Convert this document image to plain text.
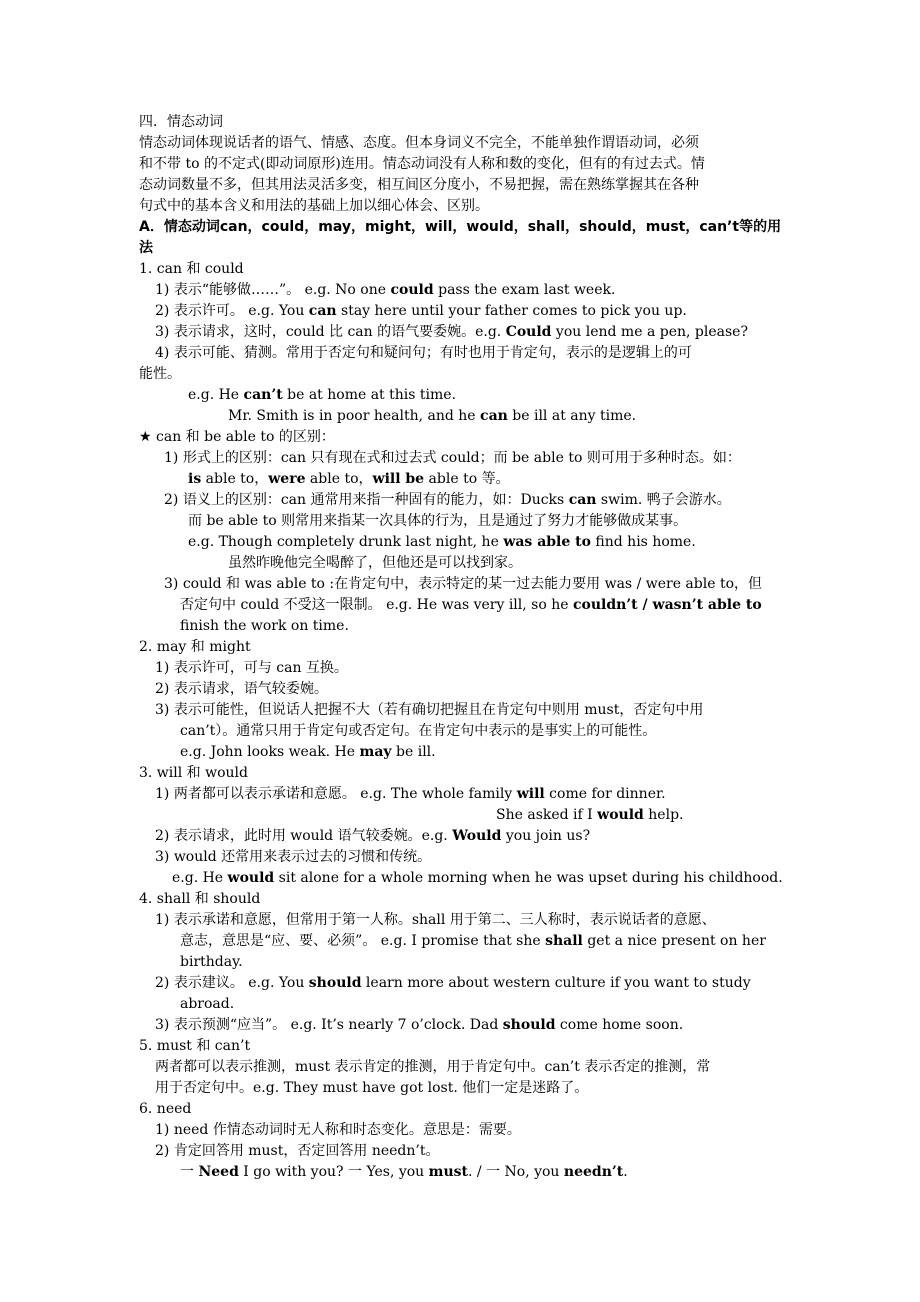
四．情态动词
情态动词体现说话者的语气、情感、态度。但本身词义不完全，不能单独作谓语动词，必须
和不带 to 的不定式(即动词原形)连用。情态动词没有人称和数的变化，但有的有过去式。情
态动词数量不多，但其用法灵活多变，相互间区分度小，不易把握，需在熟练掌握其在各种
句式中的基本含义和用法的基础上加以细心体会、区别。
A．情态动词can，could，may，might，will，would，shall，should，must，can’t等的用
法
1. can 和 could
1) 表示“能够做……”。 e.g. No one could pass the exam last week.
2) 表示许可。 e.g. You can stay here until your father comes to pick you up.
3) 表示请求，这时，could 比 can 的语气要委婉。e.g. Could you lend me a pen, please?
4) 表示可能、猜测。常用于否定句和疑问句；有时也用于肯定句，表示的是逻辑上的可
能性。
e.g. He can’t be at home at this time.
Mr. Smith is in poor health, and he can be ill at any time.
★ can 和 be able to 的区别：
1) 形式上的区别：can 只有现在式和过去式 could；而 be able to 则可用于多种时态。如：
is able to，were able to，will be able to 等。
2) 语义上的区别：can 通常用来指一种固有的能力，如：Ducks can swim. 鸭子会游水。
而 be able to 则常用来指某一次具体的行为，且是通过了努力才能够做成某事。
e.g. Though completely drunk last night, he was able to find his home.
虽然昨晚他完全喝醉了，但他还是可以找到家。
3) could 和 was able to :在肯定句中，表示特定的某一过去能力要用 was / were able to，但
否定句中 could 不受这一限制。 e.g. He was very ill, so he couldn’t / wasn’t able to
finish the work on time.
2. may 和 might
1) 表示许可，可与 can 互换。
2) 表示请求，语气较委婉。
3) 表示可能性，但说话人把握不大（若有确切把握且在肯定句中则用 must，否定句中用
can’t）。通常只用于肯定句或否定句。在肯定句中表示的是事实上的可能性。
e.g. John looks weak. He may be ill.
3. will 和 would
1) 两者都可以表示承诺和意愿。 e.g. The whole family will come for dinner.
She asked if I would help.
2) 表示请求，此时用 would 语气较委婉。e.g. Would you join us?
3) would 还常用来表示过去的习惯和传统。
e.g. He would sit alone for a whole morning when he was upset during his childhood.
4. shall 和 should
1) 表示承诺和意愿，但常用于第一人称。shall 用于第二、三人称时，表示说话者的意愿、
意志，意思是“应、要、必须”。 e.g. I promise that she shall get a nice present on her
birthday.
2) 表示建议。 e.g. You should learn more about western culture if you want to study
abroad.
3) 表示预测“应当”。 e.g. It’s nearly 7 o’clock. Dad should come home soon.
5. must 和 can’t
两者都可以表示推测，must 表示肯定的推测，用于肯定句中。can’t 表示否定的推测，常
用于否定句中。e.g. They must have got lost. 他们一定是迷路了。
6. need
1) need 作情态动词时无人称和时态变化。意思是：需要。
2) 肯定回答用 must，否定回答用 needn’t。
一 Need I go with you? 一 Yes, you must. / 一 No, you needn’t.
